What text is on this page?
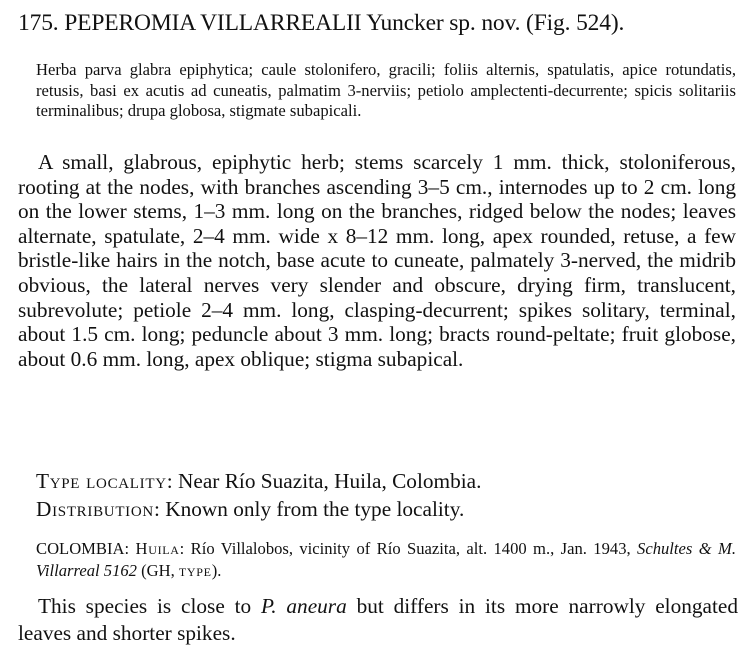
175. PEPEROMIA VILLARREALII Yuncker sp. nov. (Fig. 524).
Herba parva glabra epiphytica; caule stolonifero, gracili; foliis alternis, spatulatis, apice rotundatis, retusis, basi ex acutis ad cuneatis, palmatim 3-nerviis; petiolo amplectenti-decurrente; spicis solitariis terminalibus; drupa globosa, stigmate subapicali.
A small, glabrous, epiphytic herb; stems scarcely 1 mm. thick, stoloniferous, rooting at the nodes, with branches ascending 3–5 cm., internodes up to 2 cm. long on the lower stems, 1–3 mm. long on the branches, ridged below the nodes; leaves alternate, spatulate, 2–4 mm. wide x 8–12 mm. long, apex rounded, retuse, a few bristle-like hairs in the notch, base acute to cuneate, palmately 3-nerved, the midrib obvious, the lateral nerves very slender and obscure, drying firm, translucent, subrevolute; petiole 2–4 mm. long, clasping-decurrent; spikes solitary, terminal, about 1.5 cm. long; peduncle about 3 mm. long; bracts round-peltate; fruit globose, about 0.6 mm. long, apex oblique; stigma subapical.
Type locality: Near Río Suazita, Huila, Colombia.
Distribution: Known only from the type locality.
COLOMBIA: Huila: Río Villalobos, vicinity of Río Suazita, alt. 1400 m., Jan. 1943, Schultes & M. Villarreal 5162 (GH, type).
This species is close to P. aneura but differs in its more narrowly elongated leaves and shorter spikes.
